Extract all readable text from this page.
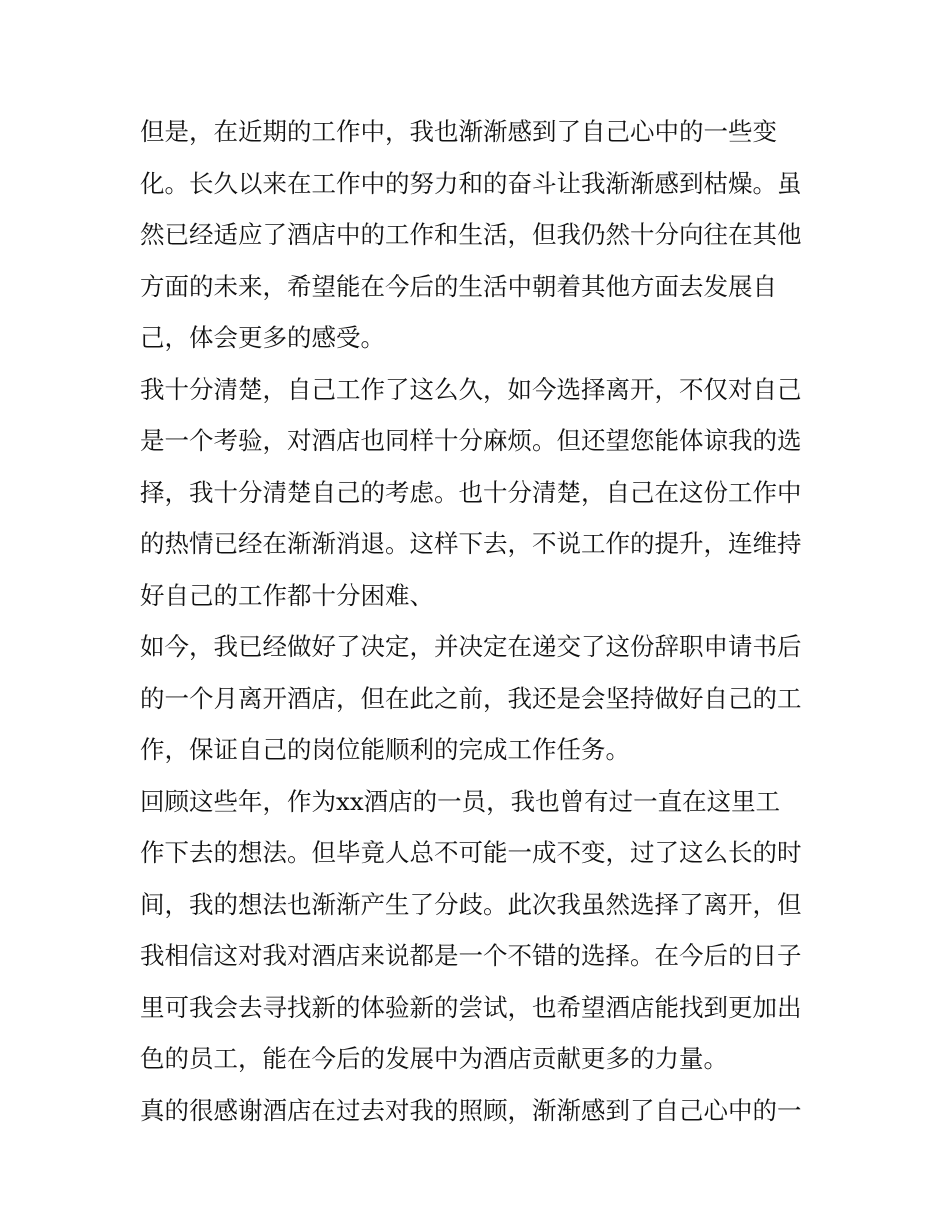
但是，在近期的工作中，我也渐渐感到了自己心中的一些变
化。长久以来在工作中的努力和的奋斗让我渐渐感到枯燥。虽
然已经适应了酒店中的工作和生活，但我仍然十分向往在其他
方面的未来，希望能在今后的生活中朝着其他方面去发展自
己，体会更多的感受。
我十分清楚，自己工作了这么久，如今选择离开，不仅对自己
是一个考验，对酒店也同样十分麻烦。但还望您能体谅我的选
择，我十分清楚自己的考虑。也十分清楚，自己在这份工作中
的热情已经在渐渐消退。这样下去，不说工作的提升，连维持
好自己的工作都十分困难、
如今，我已经做好了决定，并决定在递交了这份辞职申请书后
的一个月离开酒店，但在此之前，我还是会坚持做好自己的工
作，保证自己的岗位能顺利的完成工作任务。
回顾这些年，作为xx酒店的一员，我也曾有过一直在这里工
作下去的想法。但毕竟人总不可能一成不变，过了这么长的时
间，我的想法也渐渐产生了分歧。此次我虽然选择了离开，但
我相信这对我对酒店来说都是一个不错的选择。在今后的日子
里可我会去寻找新的体验新的尝试，也希望酒店能找到更加出
色的员工，能在今后的发展中为酒店贡献更多的力量。
真的很感谢酒店在过去对我的照顾，渐渐感到了自己心中的一
